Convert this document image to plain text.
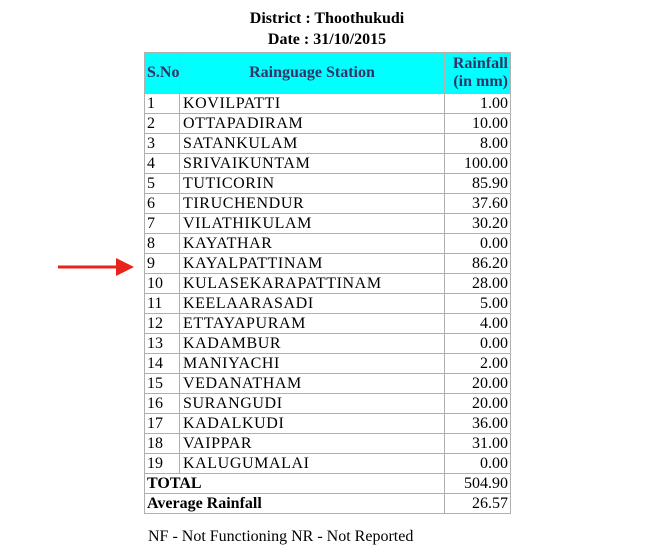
District : Thoothukudi
Date : 31/10/2015
S.No	Rainguage Station	Rainfall
(in mm)

1	KOVILPATTI	1.00
2	OTTAPADIRAM	10.00
3	SATANKULAM	8.00
4	SRIVAIKUNTAM	100.00
5	TUTICORIN	85.90
6	TIRUCHENDUR	37.60
7	VILATHIKULAM	30.20
8	KAYATHAR	0.00
9	KAYALPATTINAM	86.20
10	KULASEKARAPATTINAM	28.00
11	KEELAARASADI	5.00
12	ETTAYAPURAM	4.00
13	KADAMBUR	0.00
14	MANIYACHI	2.00
15	VEDANATHAM	20.00
16	SURANGUDI	20.00
17	KADALKUDI	36.00
18	VAIPPAR	31.00
19	KALUGUMALAI	0.00
TOTAL		504.90
Average Rainfall		26.57
NF - Not Functioning NR - Not Reported
